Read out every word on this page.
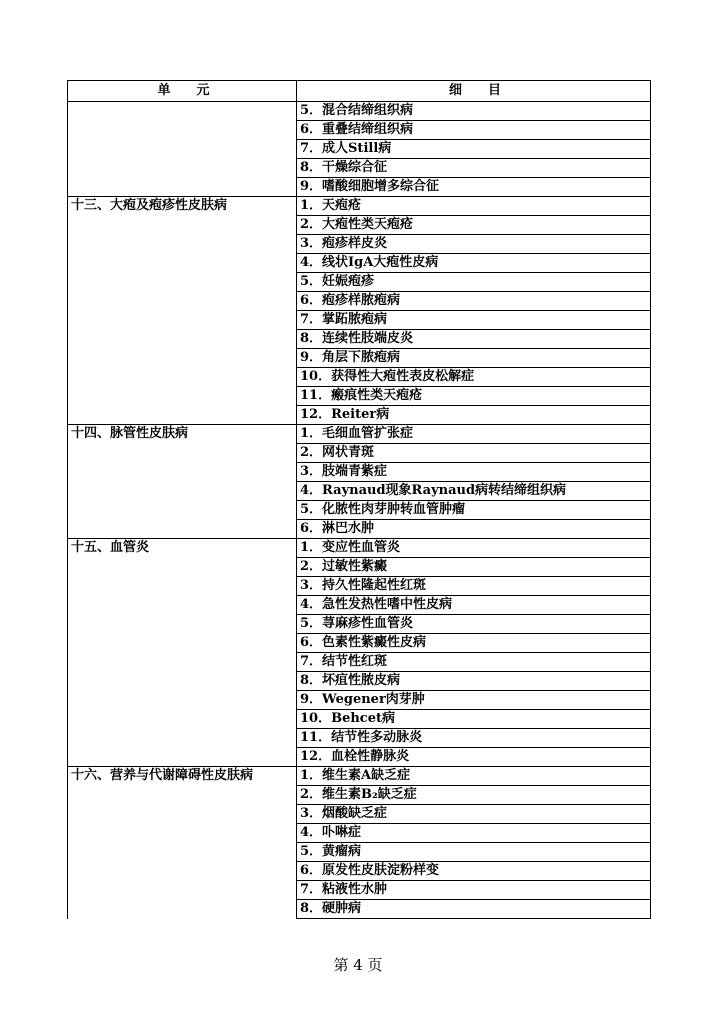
单　　元	细　　目
	5．混合结缔组织病
	6．重叠结缔组织病
	7．成人Still病
	8．干燥综合征
	9．嗜酸细胞增多综合征
十三、大疱及疱疹性皮肤病	1．天疱疮
	2．大疱性类天疱疮
	3．疱疹样皮炎
	4．线状IgA大疱性皮病
	5．妊娠疱疹
	6．疱疹样脓疱病
	7．掌跖脓疱病
	8．连续性肢端皮炎
	9．角层下脓疱病
	10．获得性大疱性表皮松解症
	11．瘢痕性类天疱疮
	12．Reiter病
十四、脉管性皮肤病	1．毛细血管扩张症
	2．网状青斑
	3．肢端青紫症
	4．Raynaud现象Raynaud病转结缔组织病
	5．化脓性肉芽肿转血管肿瘤
	6．淋巴水肿
十五、血管炎	1．变应性血管炎
	2．过敏性紫癜
	3．持久性隆起性红斑
	4．急性发热性嗜中性皮病
	5．荨麻疹性血管炎
	6．色素性紫癜性皮病
	7．结节性红斑
	8．坏疽性脓皮病
	9．Wegener肉芽肿
	10．Behcet病
	11．结节性多动脉炎
	12．血栓性静脉炎
十六、营养与代谢障碍性皮肤病	1．维生素A缺乏症
	2．维生素B₂缺乏症
	3．烟酸缺乏症
	4．卟啉症
	5．黄瘤病
	6．原发性皮肤淀粉样变
	7．粘液性水肿
	8．硬肿病
第 4 页
